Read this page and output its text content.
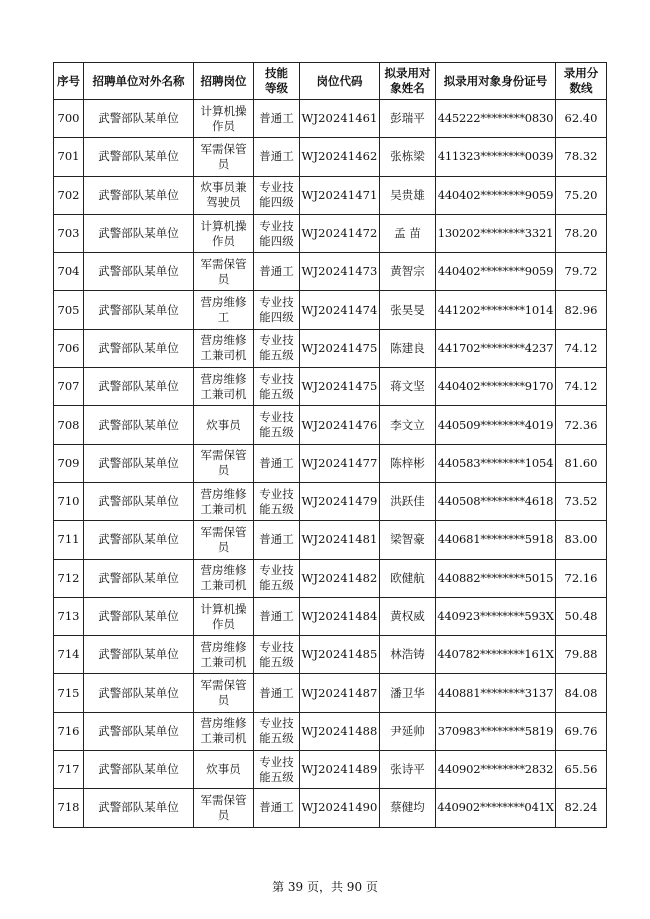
序号	招聘单位对外名称	招聘岗位	技能等级	岗位代码	拟录用对象姓名	拟录用对象身份证号	录用分数线

700	武警部队某单位	计算机操作员	普通工	WJ20241461	彭瑞平	445222********0830	62.40

701	武警部队某单位	军需保管员	普通工	WJ20241462	张栋梁	411323********0039	78.32

702	武警部队某单位	炊事员兼驾驶员	专业技能四级	WJ20241471	吴贵雄	440402********9059	75.20

703	武警部队某单位	计算机操作员	专业技能四级	WJ20241472	孟 苗	130202********3321	78.20

704	武警部队某单位	军需保管员	普通工	WJ20241473	黄智宗	440402********9059	79.72

705	武警部队某单位	营房维修工	专业技能四级	WJ20241474	张昊旻	441202********1014	82.96

706	武警部队某单位	营房维修工兼司机	专业技能五级	WJ20241475	陈建良	441702********4237	74.12

707	武警部队某单位	营房维修工兼司机	专业技能五级	WJ20241475	蒋文坚	440402********9170	74.12

708	武警部队某单位	炊事员	专业技能五级	WJ20241476	李文立	440509********4019	72.36

709	武警部队某单位	军需保管员	普通工	WJ20241477	陈梓彬	440583********1054	81.60

710	武警部队某单位	营房维修工兼司机	专业技能五级	WJ20241479	洪跃佳	440508********4618	73.52

711	武警部队某单位	军需保管员	普通工	WJ20241481	梁智豪	440681********5918	83.00

712	武警部队某单位	营房维修工兼司机	专业技能五级	WJ20241482	欧健航	440882********5015	72.16

713	武警部队某单位	计算机操作员	普通工	WJ20241484	黄权威	440923********593X	50.48

714	武警部队某单位	营房维修工兼司机	专业技能五级	WJ20241485	林浩铸	440782********161X	79.88

715	武警部队某单位	军需保管员	普通工	WJ20241487	潘卫华	440881********3137	84.08

716	武警部队某单位	营房维修工兼司机	专业技能五级	WJ20241488	尹延帅	370983********5819	69.76

717	武警部队某单位	炊事员	专业技能五级	WJ20241489	张诗平	440902********2832	65.56

718	武警部队某单位	军需保管员	普通工	WJ20241490	蔡健均	440902********041X	82.24
第 39 页，共 90 页
